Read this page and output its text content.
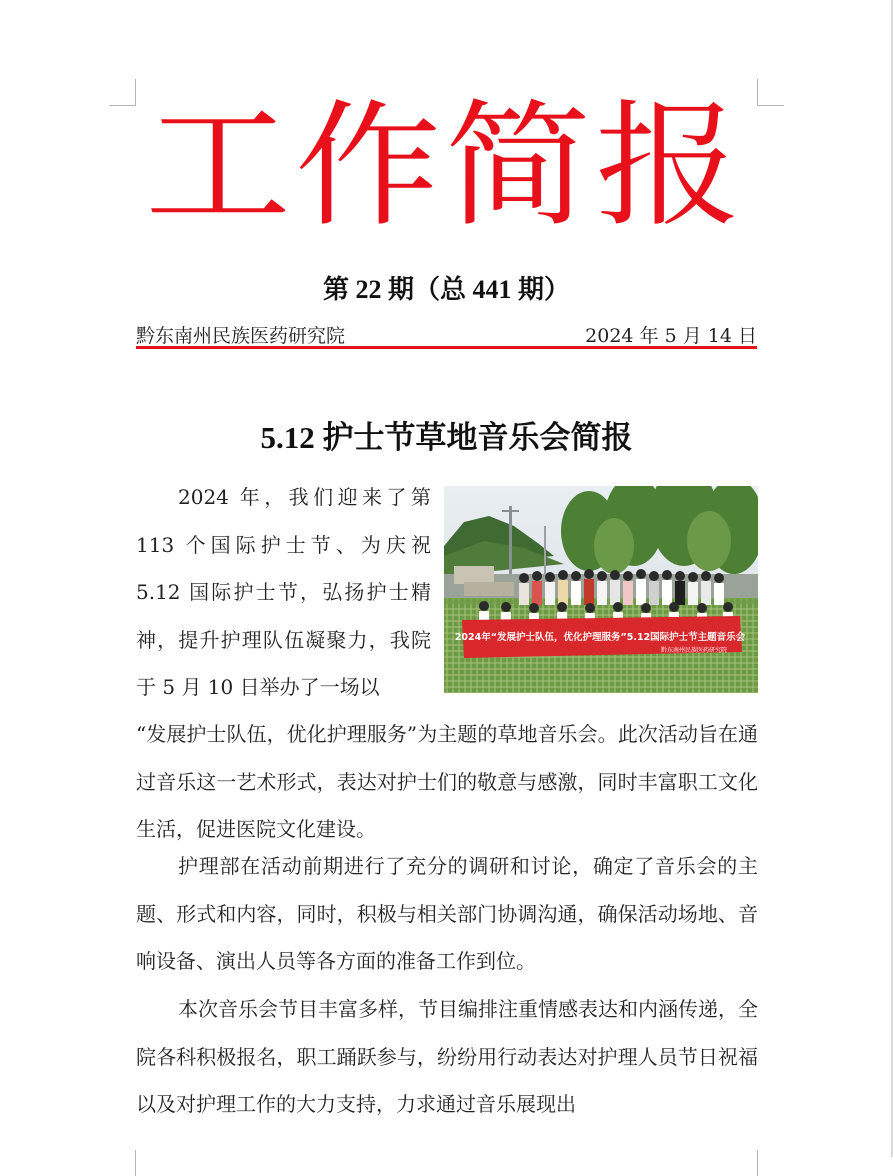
工作简报
第 22 期（总 441 期）
黔东南州民族医药研究院	2024 年 5 月 14 日
5.12 护士节草地音乐会简报
2024 年，我们迎来了第 113 个国际护士节、为庆祝 5.12 国际护士节，弘扬护士精神，提升护理队伍凝聚力，我院于 5 月 10 日举办了一场以
2024年“发展护士队伍，优化护理服务”5.12国际护士节主题音乐会
黔东南州民族医药研究院
“发展护士队伍，优化护理服务”为主题的草地音乐会。此次活动旨在通过音乐这一艺术形式，表达对护士们的敬意与感激，同时丰富职工文化生活，促进医院文化建设。
护理部在活动前期进行了充分的调研和讨论，确定了音乐会的主题、形式和内容，同时，积极与相关部门协调沟通，确保活动场地、音响设备、演出人员等各方面的准备工作到位。
本次音乐会节目丰富多样，节目编排注重情感表达和内涵传递，全院各科积极报名，职工踊跃参与，纷纷用行动表达对护理人员节日祝福以及对护理工作的大力支持，力求通过音乐展现出
